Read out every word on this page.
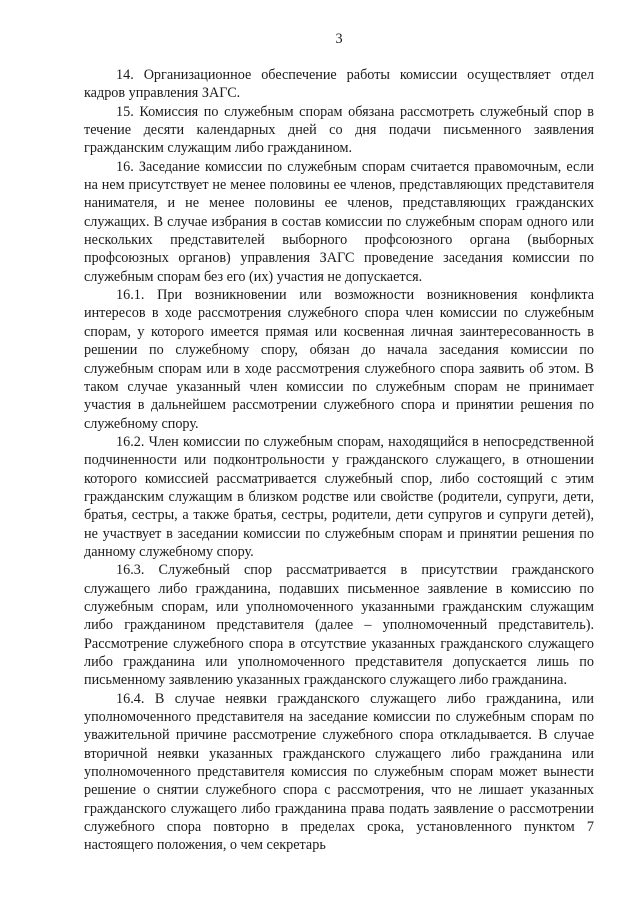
3

14. Организационное обеспечение работы комиссии осуществляет отдел кадров управления ЗАГС.

15. Комиссия по служебным спорам обязана рассмотреть служебный спор в течение десяти календарных дней со дня подачи письменного заявления гражданским служащим либо гражданином.

16. Заседание комиссии по служебным спорам считается правомочным, если на нем присутствует не менее половины ее членов, представляющих представителя нанимателя, и не менее половины ее членов, представляющих гражданских служащих. В случае избрания в состав комиссии по служебным спорам одного или нескольких представителей выборного профсоюзного органа (выборных профсоюзных органов) управления ЗАГС проведение заседания комиссии по служебным спорам без его (их) участия не допускается.

16.1. При возникновении или возможности возникновения конфликта интересов в ходе рассмотрения служебного спора член комиссии по служебным спорам, у которого имеется прямая или косвенная личная заинтересованность в решении по служебному спору, обязан до начала заседания комиссии по служебным спорам или в ходе рассмотрения служебного спора заявить об этом. В таком случае указанный член комиссии по служебным спорам не принимает участия в дальнейшем рассмотрении служебного спора и принятии решения по служебному спору.

16.2. Член комиссии по служебным спорам, находящийся в непосредственной подчиненности или подконтрольности у гражданского служащего, в отношении которого комиссией рассматривается служебный спор, либо состоящий с этим гражданским служащим в близком родстве или свойстве (родители, супруги, дети, братья, сестры, а также братья, сестры, родители, дети супругов и супруги детей), не участвует в заседании комиссии по служебным спорам и принятии решения по данному служебному спору.

16.3. Служебный спор рассматривается в присутствии гражданского служащего либо гражданина, подавших письменное заявление в комиссию по служебным спорам, или уполномоченного указанными гражданским служащим либо гражданином представителя (далее – уполномоченный представитель). Рассмотрение служебного спора в отсутствие указанных гражданского служащего либо гражданина или уполномоченного представителя допускается лишь по письменному заявлению указанных гражданского служащего либо гражданина.

16.4. В случае неявки гражданского служащего либо гражданина, или уполномоченного представителя на заседание комиссии по служебным спорам по уважительной причине рассмотрение служебного спора откладывается. В случае вторичной неявки указанных гражданского служащего либо гражданина или уполномоченного представителя комиссия по служебным спорам может вынести решение о снятии служебного спора с рассмотрения, что не лишает указанных гражданского служащего либо гражданина права подать заявление о рассмотрении служебного спора повторно в пределах срока, установленного пунктом 7 настоящего положения, о чем секретарь
